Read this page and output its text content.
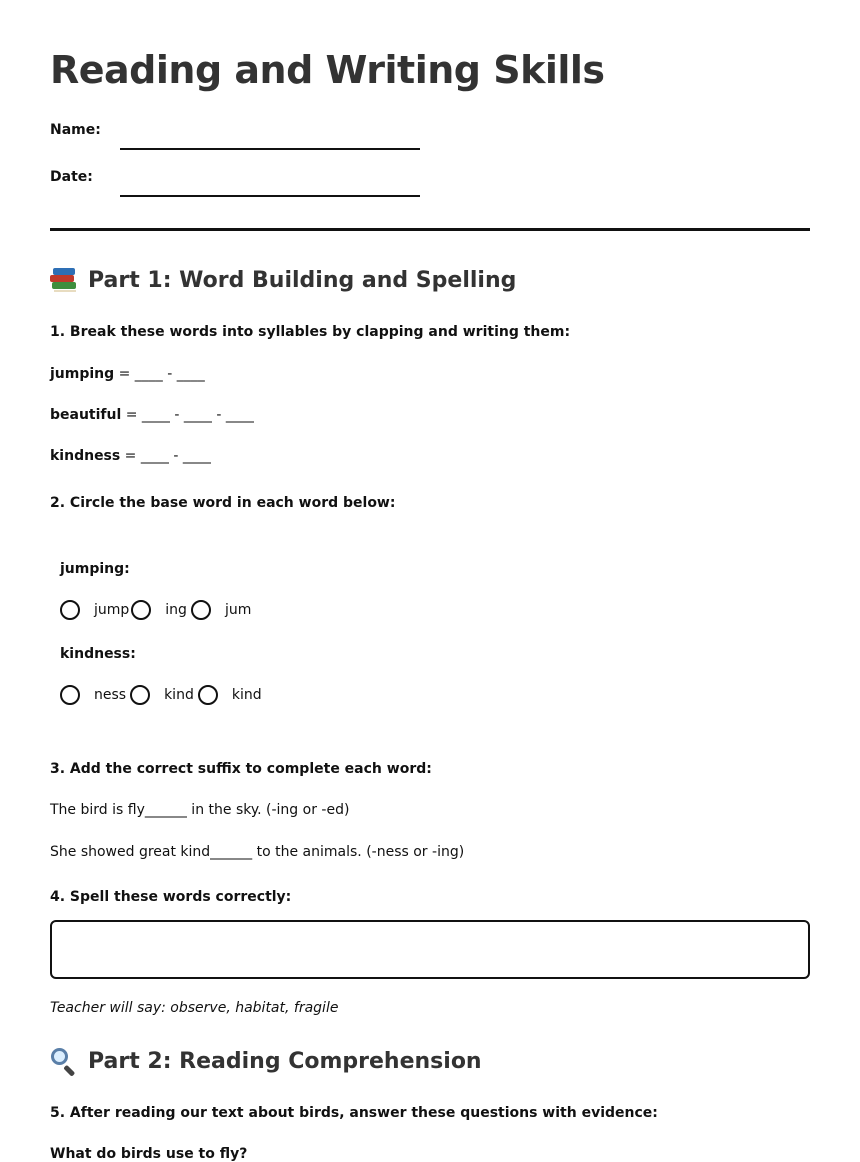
Reading and Writing Skills
Name:
Date:
Part 1: Word Building and Spelling
1. Break these words into syllables by clapping and writing them:
jumping = ____ - ____
beautiful = ____ - ____ - ____
kindness = ____ - ____
2. Circle the base word in each word below:
jumping:
jump	ing	jum
kindness:
ness	kind	kind
3. Add the correct suffix to complete each word:
The bird is fly______ in the sky. (-ing or -ed)
She showed great kind______ to the animals. (-ness or -ing)
4. Spell these words correctly:
Teacher will say: observe, habitat, fragile
Part 2: Reading Comprehension
5. After reading our text about birds, answer these questions with evidence:
What do birds use to fly?
